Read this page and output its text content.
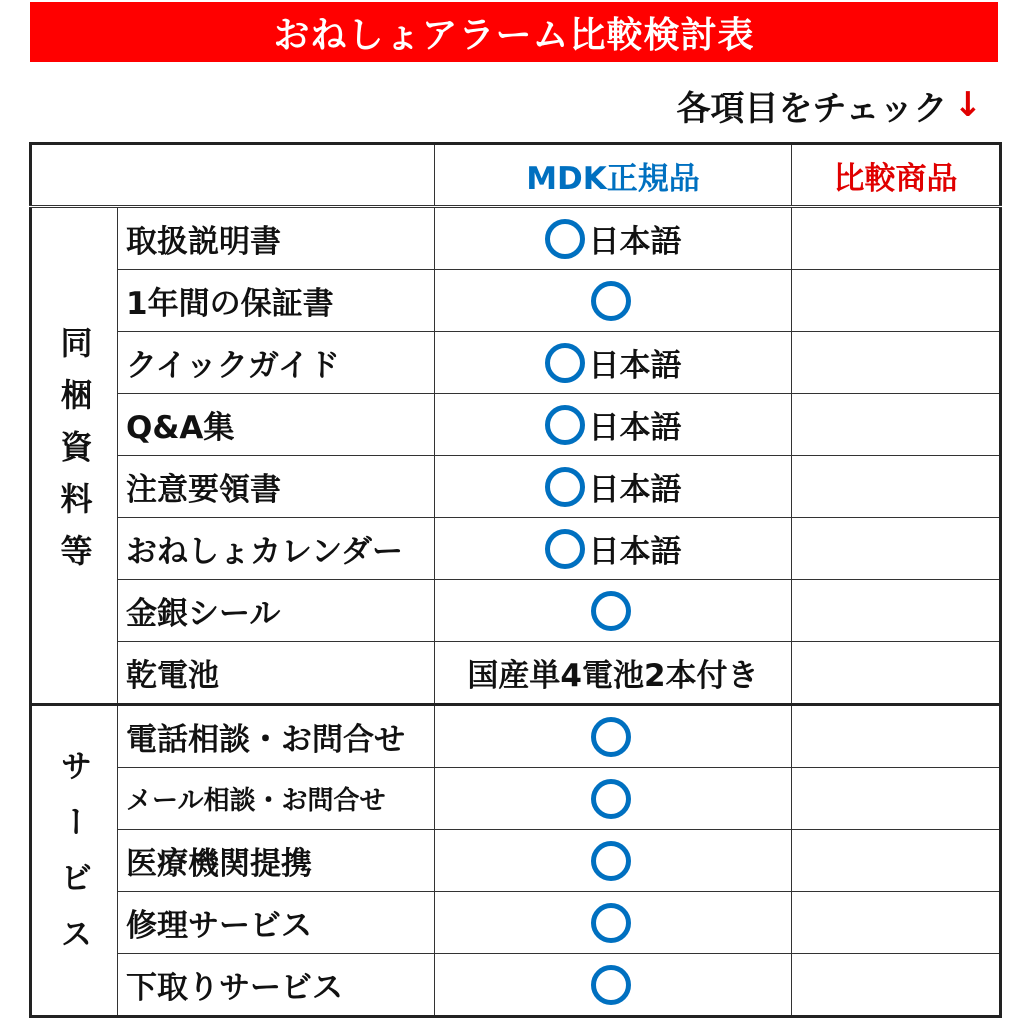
おねしょアラーム比較検討表
各項目をチェック ↓
		MDK正規品	比較商品

同梱資料等	取扱説明書	日本語	
	1年間の保証書		
	クイックガイド	日本語	
	Q&A集	日本語	
	注意要領書	日本語	
	おねしょカレンダー	日本語	
	金銀シール		
	乾電池	国産単4電池2本付き	

サービス	電話相談・お問合せ		
	メール相談・お問合せ		
	医療機関提携		
	修理サービス		
	下取りサービス		
